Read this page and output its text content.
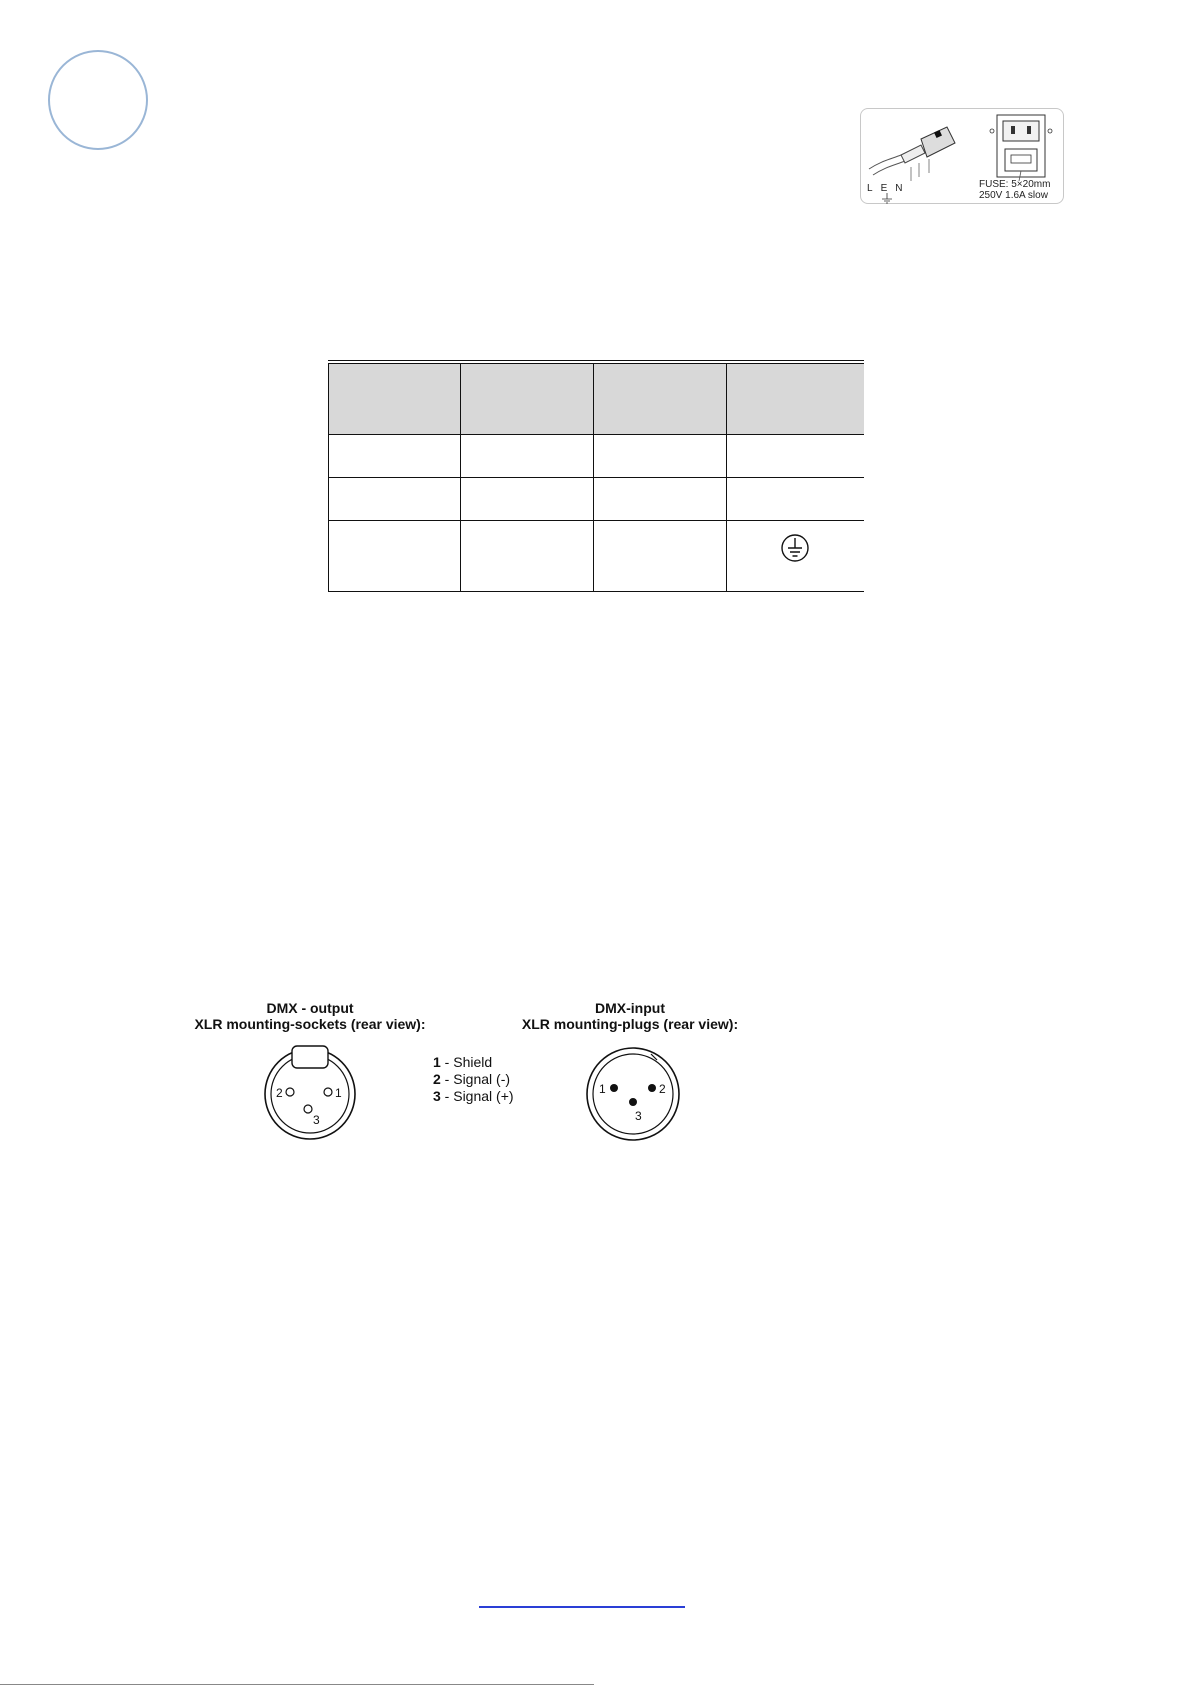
L E N	FUSE: 5×20mm
250V 1.6A slow
DMX - output
XLR mounting-sockets (rear view):
2	1
3
1 - Shield
2 - Signal (-)
3 - Signal (+)
DMX-input
XLR mounting-plugs (rear view):
1	2
3
